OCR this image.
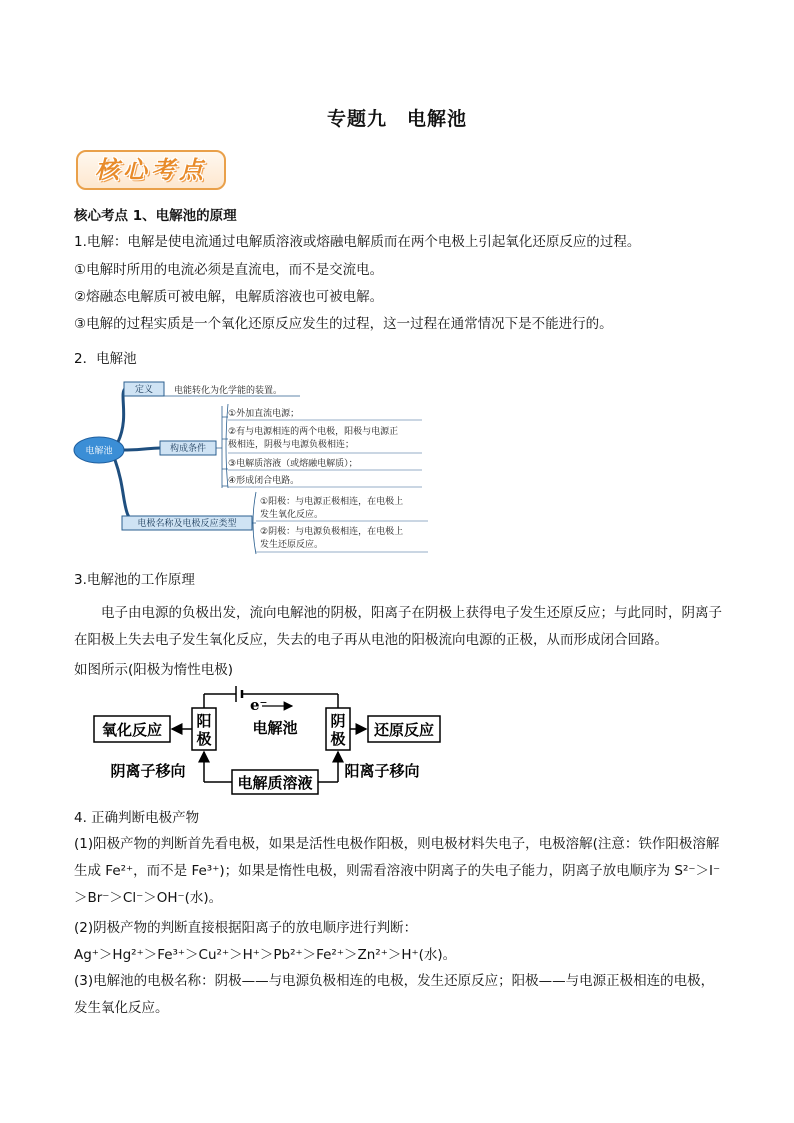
专题九　电解池
核心考点
核心考点 1、电解池的原理
1.电解：电解是使电流通过电解质溶液或熔融电解质而在两个电极上引起氧化还原反应的过程。
①电解时所用的电流必须是直流电，而不是交流电。
②熔融态电解质可被电解，电解质溶液也可被电解。
③电解的过程实质是一个氧化还原反应发生的过程，这一过程在通常情况下是不能进行的。
2．电解池
电解池
定义 电能转化为化学能的装置。
构成条件
①外加直流电源；
②有与电源相连的两个电极，阳极与电源正
极相连，阴极与电源负极相连；
③电解质溶液（或熔融电解质）；
④形成闭合电路。
电极名称及电极反应类型
①阳极：与电源正极相连，在电极上
发生氧化反应。
②阴极：与电源负极相连，在电极上
发生还原反应。
3.电解池的工作原理
电子由电源的负极出发，流向电解池的阴极，阳离子在阴极上获得电子发生还原反应；与此同时，阴离子在阳极上失去电子发生氧化反应，失去的电子再从电池的阳极流向电源的正极，从而形成闭合回路。
如图所示(阳极为惰性电极)
氧化反应 阳
极
e⁻
电解池 阴
极 还原反应
电解质溶液
阴离子移向	阳离子移向
4. 正确判断电极产物
(1)阳极产物的判断首先看电极，如果是活性电极作阳极，则电极材料失电子，电极溶解(注意：铁作阳极溶解生成 Fe²⁺，而不是 Fe³⁺)；如果是惰性电极，则需看溶液中阴离子的失电子能力，阴离子放电顺序为 S²⁻＞I⁻＞Br⁻＞Cl⁻＞OH⁻(水)。
(2)阴极产物的判断直接根据阳离子的放电顺序进行判断：
Ag⁺＞Hg²⁺＞Fe³⁺＞Cu²⁺＞H⁺＞Pb²⁺＞Fe²⁺＞Zn²⁺＞H⁺(水)。
(3)电解池的电极名称：阴极——与电源负极相连的电极，发生还原反应；阳极——与电源正极相连的电极，发生氧化反应。
